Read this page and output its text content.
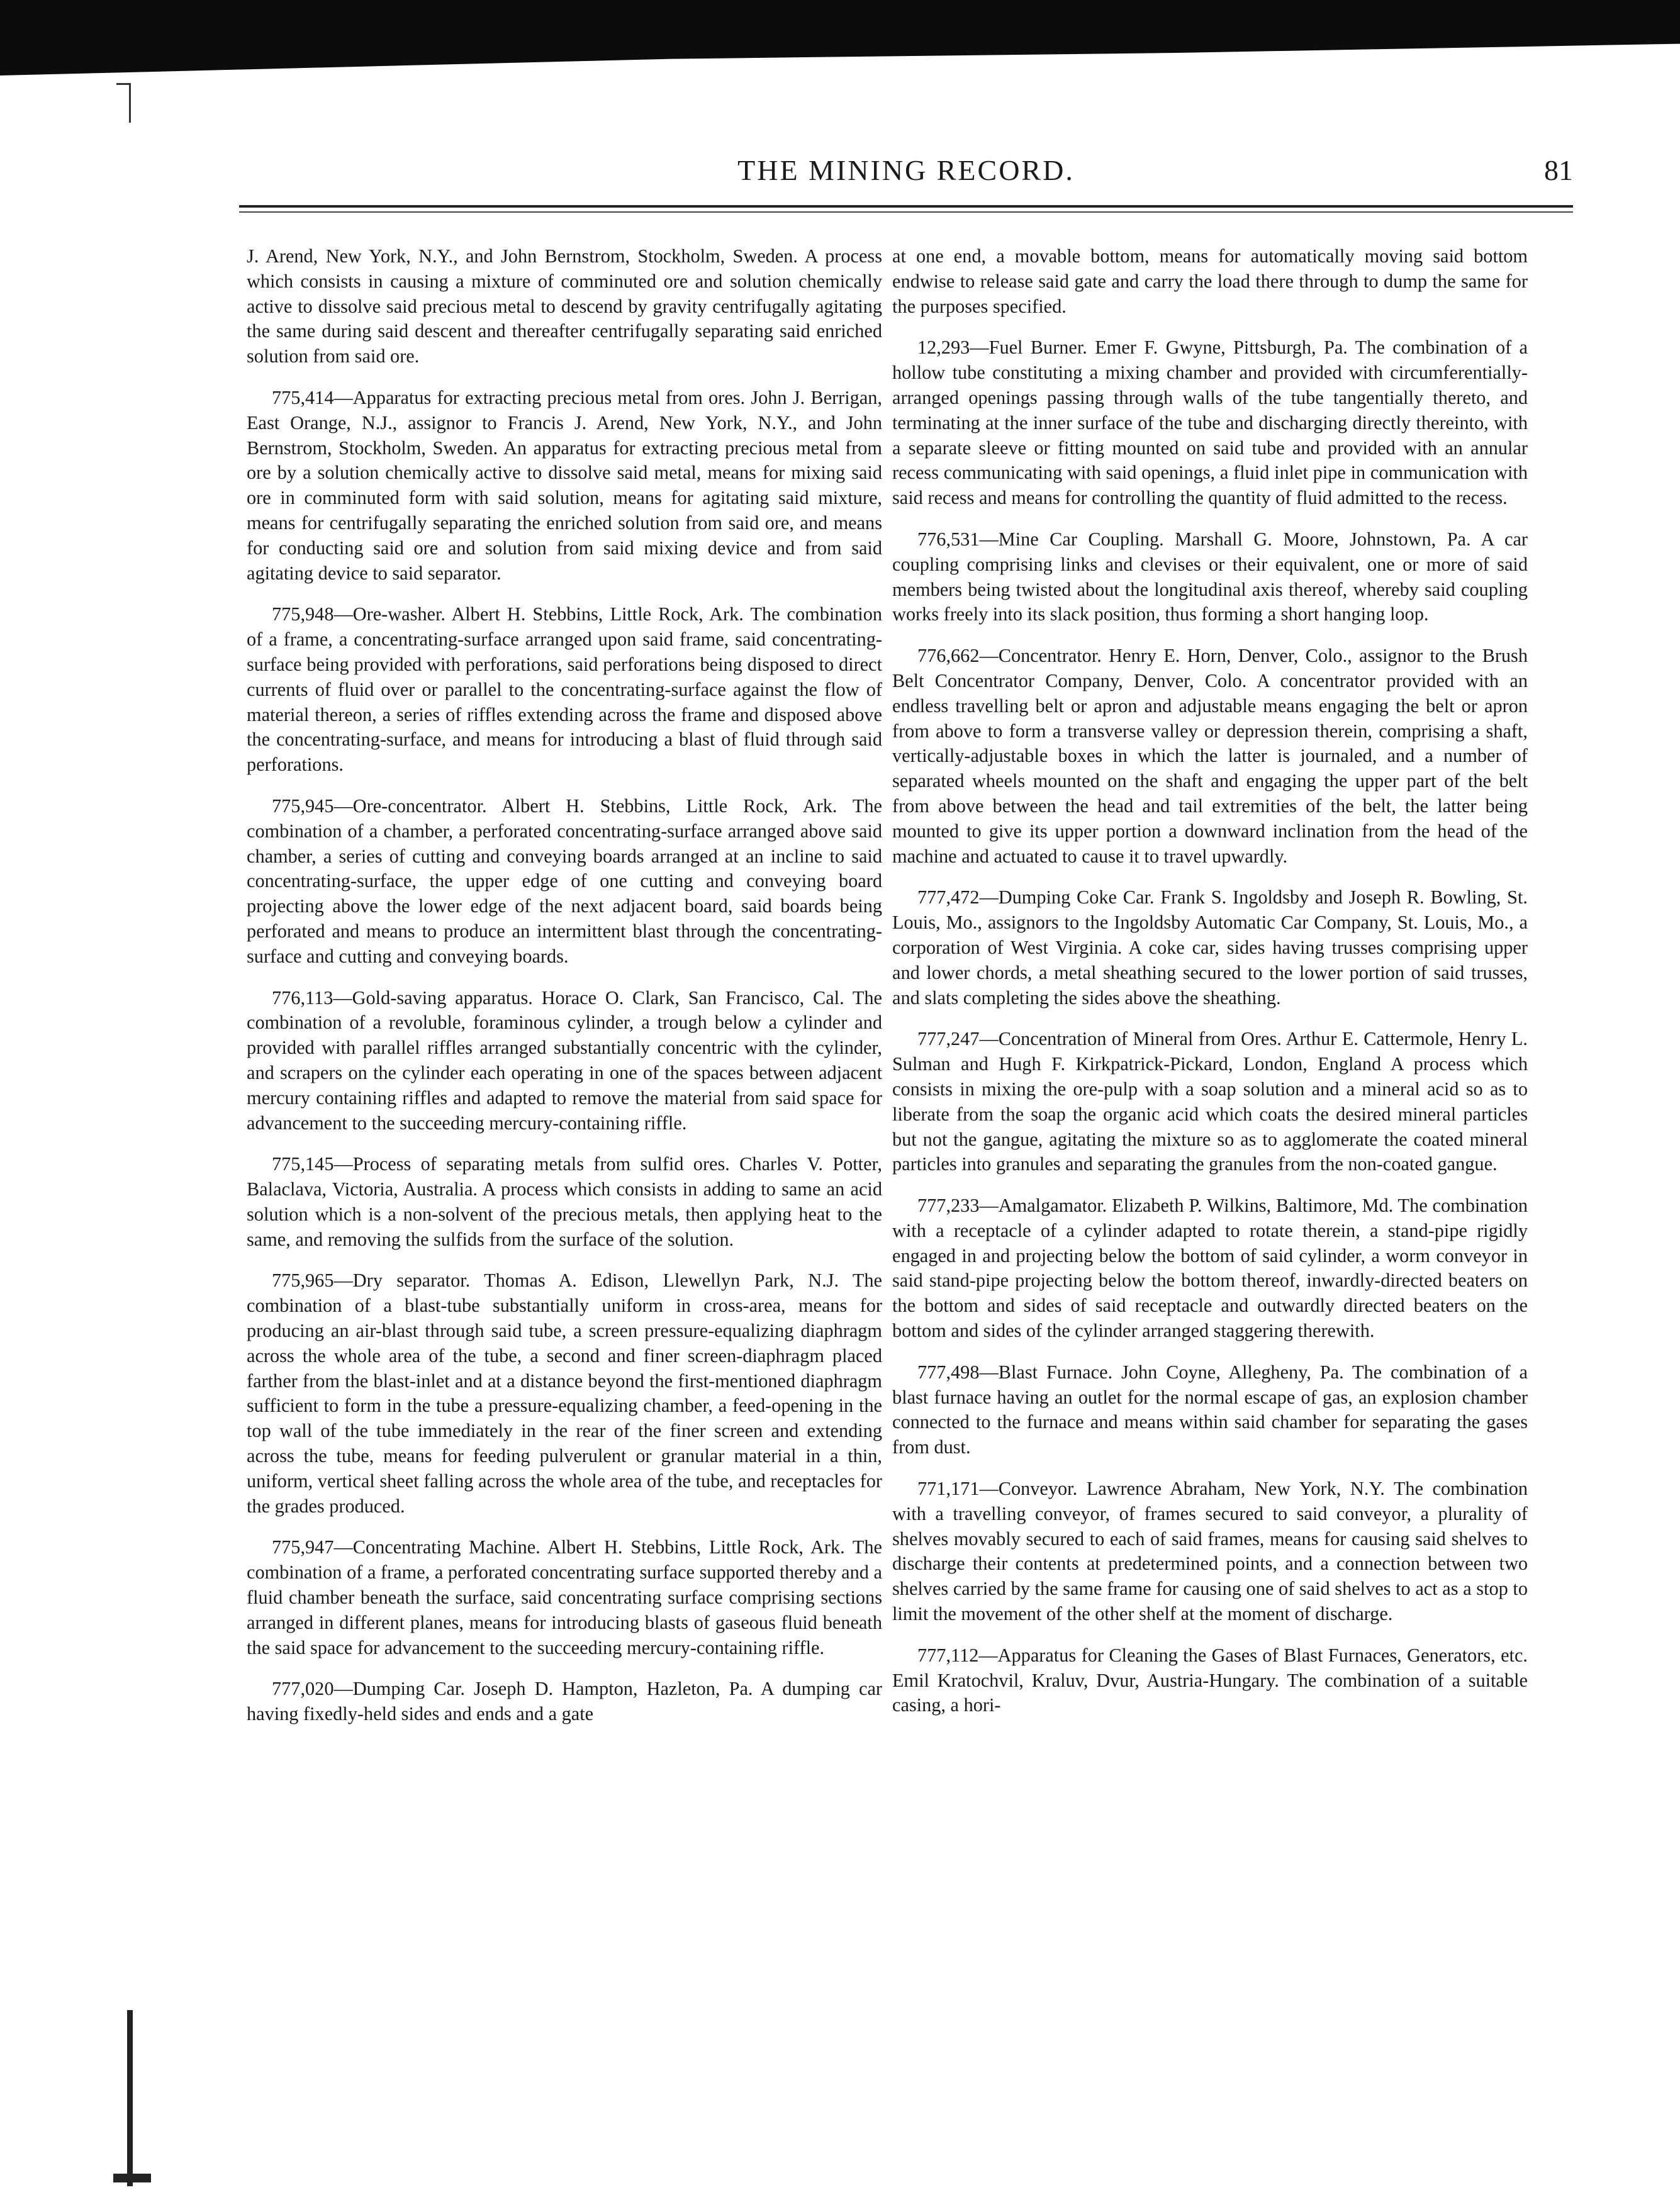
THE MINING RECORD.	81

J. Arend, New York, N.Y., and John Bernstrom, Stockholm, Sweden. A process which consists in causing a mixture of comminuted ore and solution chemically active to dissolve said precious metal to descend by gravity centrifugally agitating the same during said descent and thereafter centrifugally separating said enriched solution from said ore.

775,414—Apparatus for extracting precious metal from ores. John J. Berrigan, East Orange, N.J., assignor to Francis J. Arend, New York, N.Y., and John Bernstrom, Stockholm, Sweden. An apparatus for extracting precious metal from ore by a solution chemically active to dissolve said metal, means for mixing said ore in comminuted form with said solution, means for agitating said mixture, means for centrifugally separating the enriched solution from said ore, and means for conducting said ore and solution from said mixing device and from said agitating device to said separator.

775,948—Ore-washer. Albert H. Stebbins, Little Rock, Ark. The combination of a frame, a concentrating-surface arranged upon said frame, said concentrating-surface being provided with perforations, said perforations being disposed to direct currents of fluid over or parallel to the concentrating-surface against the flow of material thereon, a series of riffles extending across the frame and disposed above the concentrating-surface, and means for introducing a blast of fluid through said perforations.

775,945—Ore-concentrator. Albert H. Stebbins, Little Rock, Ark. The combination of a chamber, a perforated concentrating-surface arranged above said chamber, a series of cutting and conveying boards arranged at an incline to said concentrating-surface, the upper edge of one cutting and conveying board projecting above the lower edge of the next adjacent board, said boards being perforated and means to produce an intermittent blast through the concentrating-surface and cutting and conveying boards.

776,113—Gold-saving apparatus. Horace O. Clark, San Francisco, Cal. The combination of a revoluble, foraminous cylinder, a trough below a cylinder and provided with parallel riffles arranged substantially concentric with the cylinder, and scrapers on the cylinder each operating in one of the spaces between adjacent mercury containing riffles and adapted to remove the material from said space for advancement to the succeeding mercury-containing riffle.

775,145—Process of separating metals from sulfid ores. Charles V. Potter, Balaclava, Victoria, Australia. A process which consists in adding to same an acid solution which is a non-solvent of the precious metals, then applying heat to the same, and removing the sulfids from the surface of the solution.

775,965—Dry separator. Thomas A. Edison, Llewellyn Park, N.J. The combination of a blast-tube substantially uniform in cross-area, means for producing an air-blast through said tube, a screen pressure-equalizing diaphragm across the whole area of the tube, a second and finer screen-diaphragm placed farther from the blast-inlet and at a distance beyond the first-mentioned diaphragm sufficient to form in the tube a pressure-equalizing chamber, a feed-opening in the top wall of the tube immediately in the rear of the finer screen and extending across the tube, means for feeding pulverulent or granular material in a thin, uniform, vertical sheet falling across the whole area of the tube, and receptacles for the grades produced.

775,947—Concentrating Machine. Albert H. Stebbins, Little Rock, Ark. The combination of a frame, a perforated concentrating surface supported thereby and a fluid chamber beneath the surface, said concentrating surface comprising sections arranged in different planes, means for introducing blasts of gaseous fluid beneath the said space for advancement to the succeeding mercury-containing riffle.

777,020—Dumping Car. Joseph D. Hampton, Hazleton, Pa. A dumping car having fixedly-held sides and ends and a gate

at one end, a movable bottom, means for automatically moving said bottom endwise to release said gate and carry the load there through to dump the same for the purposes specified.

12,293—Fuel Burner. Emer F. Gwyne, Pittsburgh, Pa. The combination of a hollow tube constituting a mixing chamber and provided with circumferentially-arranged openings passing through walls of the tube tangentially thereto, and terminating at the inner surface of the tube and discharging directly thereinto, with a separate sleeve or fitting mounted on said tube and provided with an annular recess communicating with said openings, a fluid inlet pipe in communication with said recess and means for controlling the quantity of fluid admitted to the recess.

776,531—Mine Car Coupling. Marshall G. Moore, Johnstown, Pa. A car coupling comprising links and clevises or their equivalent, one or more of said members being twisted about the longitudinal axis thereof, whereby said coupling works freely into its slack position, thus forming a short hanging loop.

776,662—Concentrator. Henry E. Horn, Denver, Colo., assignor to the Brush Belt Concentrator Company, Denver, Colo. A concentrator provided with an endless travelling belt or apron and adjustable means engaging the belt or apron from above to form a transverse valley or depression therein, comprising a shaft, vertically-adjustable boxes in which the latter is journaled, and a number of separated wheels mounted on the shaft and engaging the upper part of the belt from above between the head and tail extremities of the belt, the latter being mounted to give its upper portion a downward inclination from the head of the machine and actuated to cause it to travel upwardly.

777,472—Dumping Coke Car. Frank S. Ingoldsby and Joseph R. Bowling, St. Louis, Mo., assignors to the Ingoldsby Automatic Car Company, St. Louis, Mo., a corporation of West Virginia. A coke car, sides having trusses comprising upper and lower chords, a metal sheathing secured to the lower portion of said trusses, and slats completing the sides above the sheathing.

777,247—Concentration of Mineral from Ores. Arthur E. Cattermole, Henry L. Sulman and Hugh F. Kirkpatrick-Pickard, London, England A process which consists in mixing the ore-pulp with a soap solution and a mineral acid so as to liberate from the soap the organic acid which coats the desired mineral particles but not the gangue, agitating the mixture so as to agglomerate the coated mineral particles into granules and separating the granules from the non-coated gangue.

777,233—Amalgamator. Elizabeth P. Wilkins, Baltimore, Md. The combination with a receptacle of a cylinder adapted to rotate therein, a stand-pipe rigidly engaged in and projecting below the bottom of said cylinder, a worm conveyor in said stand-pipe projecting below the bottom thereof, inwardly-directed beaters on the bottom and sides of said receptacle and outwardly directed beaters on the bottom and sides of the cylinder arranged staggering therewith.

777,498—Blast Furnace. John Coyne, Allegheny, Pa. The combination of a blast furnace having an outlet for the normal escape of gas, an explosion chamber connected to the furnace and means within said chamber for separating the gases from dust.

771,171—Conveyor. Lawrence Abraham, New York, N.Y. The combination with a travelling conveyor, of frames secured to said conveyor, a plurality of shelves movably secured to each of said frames, means for causing said shelves to discharge their contents at predetermined points, and a connection between two shelves carried by the same frame for causing one of said shelves to act as a stop to limit the movement of the other shelf at the moment of discharge.

777,112—Apparatus for Cleaning the Gases of Blast Furnaces, Generators, etc. Emil Kratochvil, Kraluv, Dvur, Austria-Hungary. The combination of a suitable casing, a hori-
